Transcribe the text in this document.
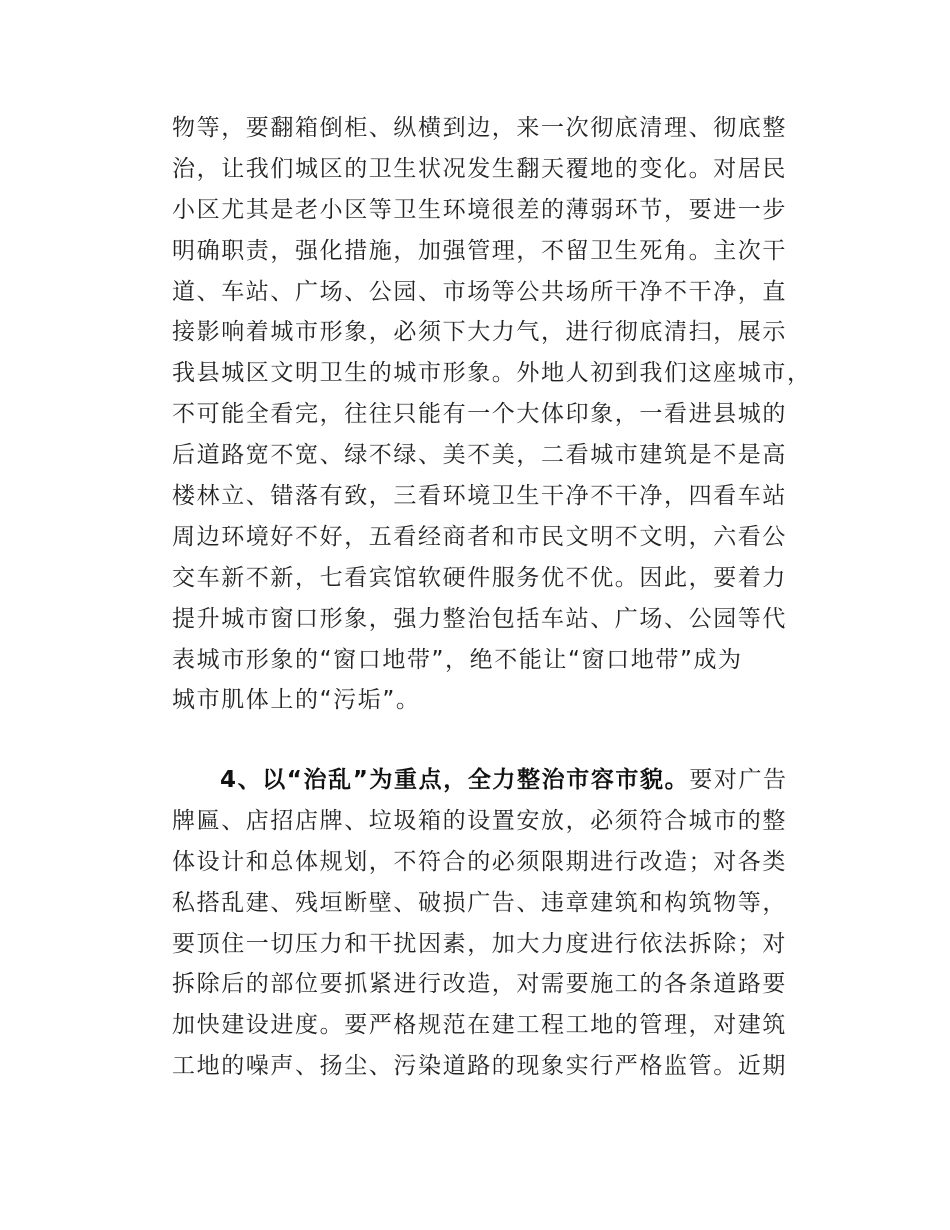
物等，要翻箱倒柜、纵横到边，来一次彻底清理、彻底整
治，让我们城区的卫生状况发生翻天覆地的变化。对居民
小区尤其是老小区等卫生环境很差的薄弱环节，要进一步
明确职责，强化措施，加强管理，不留卫生死角。主次干
道、车站、广场、公园、市场等公共场所干净不干净，直
接影响着城市形象，必须下大力气，进行彻底清扫，展示
我县城区文明卫生的城市形象。外地人初到我们这座城市，
不可能全看完，往往只能有一个大体印象，一看进县城的
后道路宽不宽、绿不绿、美不美，二看城市建筑是不是高
楼林立、错落有致，三看环境卫生干净不干净，四看车站
周边环境好不好，五看经商者和市民文明不文明，六看公
交车新不新，七看宾馆软硬件服务优不优。因此，要着力
提升城市窗口形象，强力整治包括车站、广场、公园等代
表城市形象的“窗口地带”，绝不能让“窗口地带”成为
城市肌体上的“污垢”。
4、以“治乱”为重点，全力整治市容市貌。要对广告
牌匾、店招店牌、垃圾箱的设置安放，必须符合城市的整
体设计和总体规划，不符合的必须限期进行改造；对各类
私搭乱建、残垣断壁、破损广告、违章建筑和构筑物等，
要顶住一切压力和干扰因素，加大力度进行依法拆除；对
拆除后的部位要抓紧进行改造，对需要施工的各条道路要
加快建设进度。要严格规范在建工程工地的管理，对建筑
工地的噪声、扬尘、污染道路的现象实行严格监管。近期
